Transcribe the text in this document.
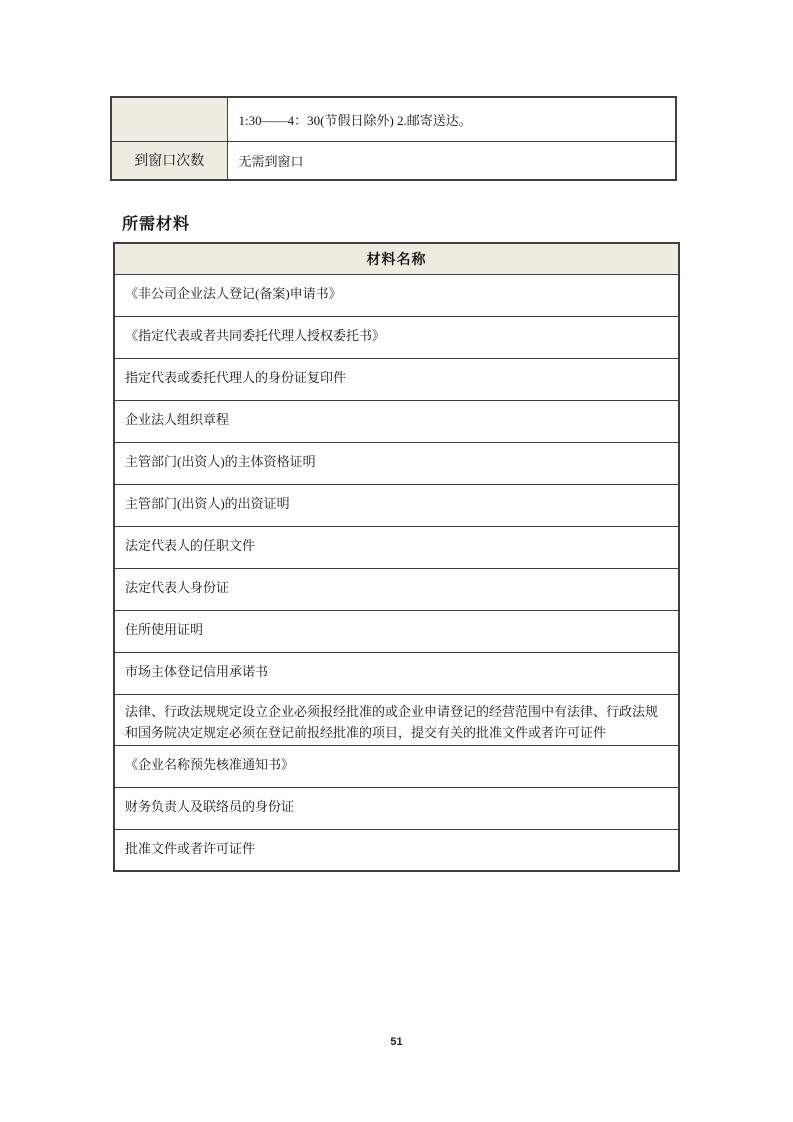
	1:30——4：30(节假日除外) 2.邮寄送达。
到窗口次数	无需到窗口
所需材料
材料名称
《非公司企业法人登记(备案)申请书》
《指定代表或者共同委托代理人授权委托书》
指定代表或委托代理人的身份证复印件
企业法人组织章程
主管部门(出资人)的主体资格证明
主管部门(出资人)的出资证明
法定代表人的任职文件
法定代表人身份证
住所使用证明
市场主体登记信用承诺书
法律、行政法规规定设立企业必须报经批准的或企业申请登记的经营范围中有法律、行政法规和国务院决定规定必须在登记前报经批准的项目，提交有关的批准文件或者许可证件
《企业名称预先核准通知书》
财务负责人及联络员的身份证
批准文件或者许可证件
51
